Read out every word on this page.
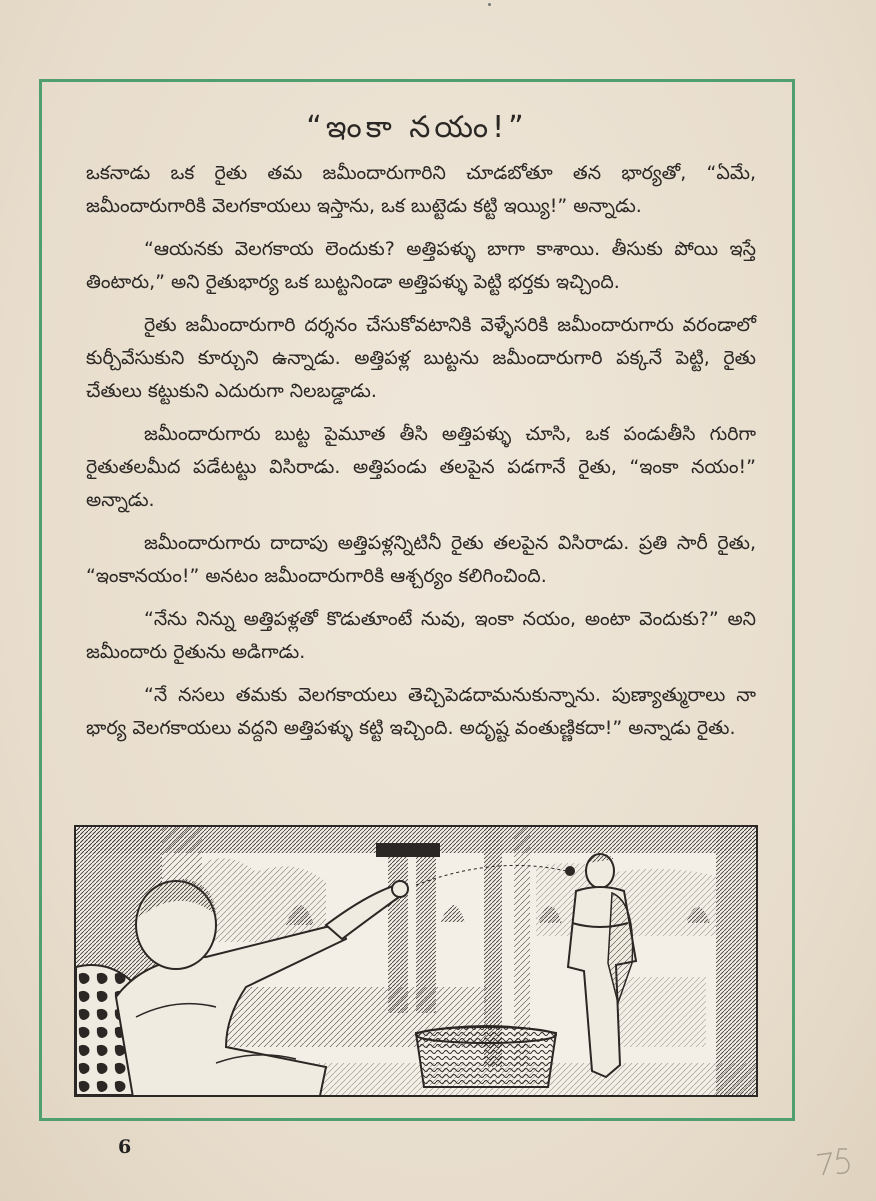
“ఇంకా నయం!”

ఒకనాడు ఒక రైతు తమ జమీందారుగారిని చూడబోతూ తన భార్యతో, “ఏమే, జమీందారుగారికి వెలగకాయలు ఇస్తాను, ఒక బుట్టెడు కట్టి ఇయ్యి!” అన్నాడు.

“ఆయనకు వెలగకాయ లెందుకు? అత్తిపళ్ళు బాగా కాశాయి. తీసుకు పోయి ఇస్తే తింటారు,” అని రైతుభార్య ఒక బుట్టనిండా అత్తిపళ్ళు పెట్టి భర్తకు ఇచ్చింది.

రైతు జమీందారుగారి దర్శనం చేసుకోవటానికి వెళ్ళేసరికి జమీందారుగారు వరండాలో కుర్చీవేసుకుని కూర్చుని ఉన్నాడు. అత్తిపళ్ల బుట్టను జమీందారుగారి పక్కనే పెట్టి, రైతు చేతులు కట్టుకుని ఎదురుగా నిలబడ్డాడు.

జమీందారుగారు బుట్ట పైమూత తీసి అత్తిపళ్ళు చూసి, ఒక పండుతీసి గురిగా రైతుతలమీద పడేటట్టు విసిరాడు. అత్తిపండు తలపైన పడగానే రైతు, “ఇంకా నయం!” అన్నాడు.

జమీందారుగారు దాదాపు అత్తిపళ్లన్నిటినీ రైతు తలపైన విసిరాడు. ప్రతి సారీ రైతు, “ఇంకానయం!” అనటం జమీందారుగారికి ఆశ్చర్యం కలిగించింది.

“నేను నిన్ను అత్తిపళ్లతో కొడుతూంటే నువు, ఇంకా నయం, అంటా వెందుకు?” అని జమీందారు రైతును అడిగాడు.

“నే నసలు తమకు వెలగకాయలు తెచ్చిపెడదామనుకున్నాను. పుణ్యాత్మురాలు నా భార్య వెలగకాయలు వద్దని అత్తిపళ్ళు కట్టి ఇచ్చింది. అదృష్ట వంతుణ్ణికదా!” అన్నాడు రైతు.

6
